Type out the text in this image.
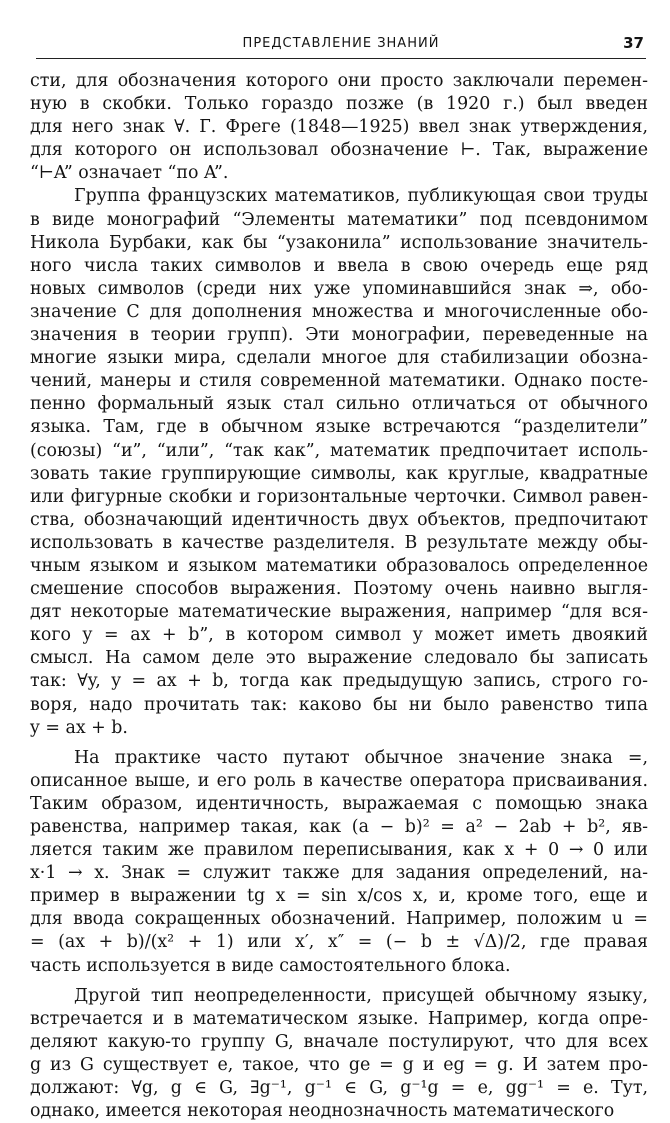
ПРЕДСТАВЛЕНИЕ ЗНАНИЙ	37

сти, для обозначения которого они просто заключали перемен-

ную в скобки. Только гораздо позже (в 1920 г.) был введен

для него знак ∀. Г. Фреге (1848—1925) ввел знак утверждения,

для которого он использовал обозначение ⊢. Так, выражение

“⊢A” означает “по A”.

Группа французских математиков, публикующая свои труды

в виде монографий “Элементы математики” под псевдонимом

Никола Бурбаки, как бы “узаконила” использование значитель-

ного числа таких символов и ввела в свою очередь еще ряд

новых символов (среди них уже упоминавшийся знак ⇒, обо-

значение C для дополнения множества и многочисленные обо-

значения в теории групп). Эти монографии, переведенные на

многие языки мира, сделали многое для стабилизации обозна-

чений, манеры и стиля современной математики. Однако посте-

пенно формальный язык стал сильно отличаться от обычного

языка. Там, где в обычном языке встречаются “разделители”

(союзы) “и”, “или”, “так как”, математик предпочитает исполь-

зовать такие группирующие символы, как круглые, квадратные

или фигурные скобки и горизонтальные черточки. Символ равен-

ства, обозначающий идентичность двух объектов, предпочитают

использовать в качестве разделителя. В результате между обы-

чным языком и языком математики образовалось определенное

смешение способов выражения. Поэтому очень наивно выгля-

дят некоторые математические выражения, например “для вся-

кого y = ax + b”, в котором символ y может иметь двоякий

смысл. На самом деле это выражение следовало бы записать

так: ∀y, y = ax + b, тогда как предыдущую запись, строго го-

воря, надо прочитать так: каково бы ни было равенство типа

y = ax + b.

На практике часто путают обычное значение знака =,

описанное выше, и его роль в качестве оператора присваивания.

Таким образом, идентичность, выражаемая с помощью знака

равенства, например такая, как (a − b)² = a² − 2ab + b², яв-

ляется таким же правилом переписывания, как x + 0 → 0 или

x·1 → x. Знак = служит также для задания определений, на-

пример в выражении tg x = sin x/cos x, и, кроме того, еще и

для ввода сокращенных обозначений. Например, положим u =

= (ax + b)/(x² + 1) или x′, x″ = (− b ± √Δ)/2, где правая

часть используется в виде самостоятельного блока.

Другой тип неопределенности, присущей обычному языку,

встречается и в математическом языке. Например, когда опре-

деляют какую-то группу G, вначале постулируют, что для всех

g из G существует e, такое, что ge = g и eg = g. И затем про-

должают: ∀g, g ∈ G, ∃g⁻¹, g⁻¹ ∈ G, g⁻¹g = e, gg⁻¹ = e. Тут,

однако, имеется некоторая неоднозначность математического
